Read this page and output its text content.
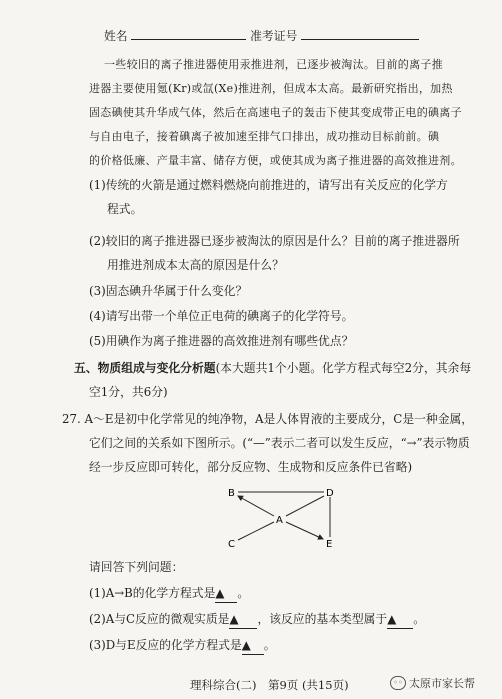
姓名	准考证号
一些较旧的离子推进器使用汞推进剂，已逐步被淘汰。目前的离子推
进器主要使用氪(Kr)或氙(Xe)推进剂，但成本太高。最新研究指出，加热
固态碘使其升华成气体，然后在高速电子的轰击下使其变成带正电的碘离子
与自由电子，接着碘离子被加速至排气口排出，成功推动目标前前。碘
的价格低廉、产量丰富、储存方便，或使其成为离子推进器的高效推进剂。
(1)传统的火箭是通过燃料燃烧向前推进的，请写出有关反应的化学方
程式。
(2)较旧的离子推进器已逐步被淘汰的原因是什么？目前的离子推进器所
用推进剂成本太高的原因是什么？
(3)固态碘升华属于什么变化？
(4)请写出带一个单位正电荷的碘离子的化学符号。
(5)用碘作为离子推进器的高效推进剂有哪些优点？
五、物质组成与变化分析题(本大题共1个小题。化学方程式每空2分，其余每
空1分，共6分)
27. A～E是初中化学常见的纯净物，A是人体胃液的主要成分，C是一种金属，
它们之间的关系如下图所示。(“—”表示二者可以发生反应，“→”表示物质
经一步反应即可转化，部分反应物、生成物和反应条件已省略)
B	D
A
C	E
请回答下列问题：
(1)A→B的化学方程式是▲ 。
(2)A与C反应的微观实质是▲ ，该反应的基本类型属于▲ 。
(3)D与E反应的化学方程式是▲ 。
理科综合(二)　第9页 (共15页)	◦◦ 太原市家长帮
